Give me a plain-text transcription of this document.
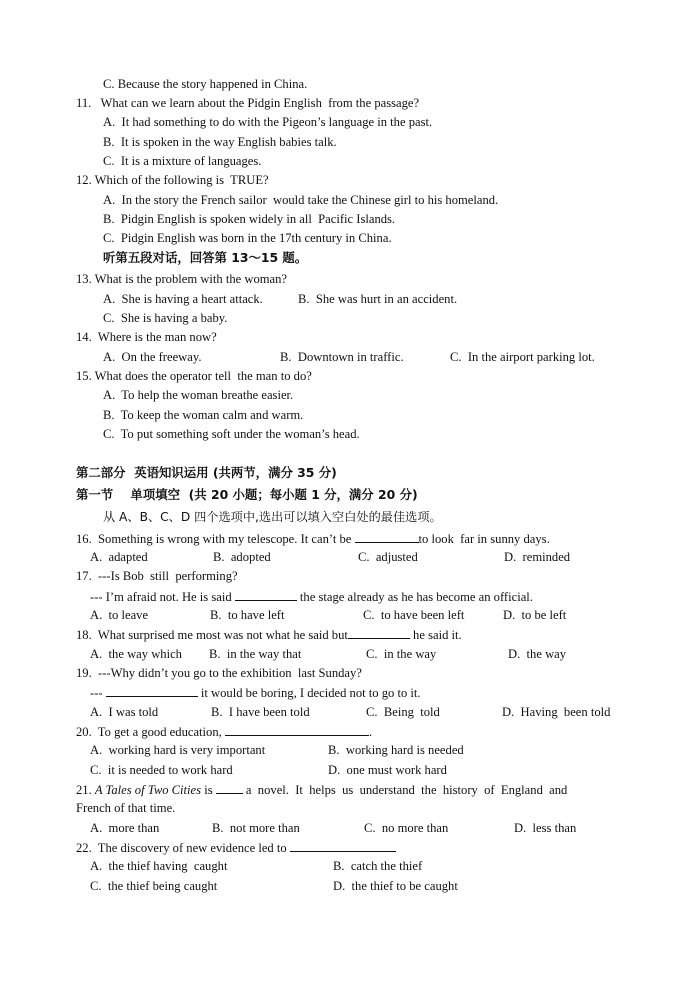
C. Because the story happened in China.
11.   What can we learn about the Pidgin English  from the passage?
A.  It had something to do with the Pigeon’s language in the past.
B.  It is spoken in the way English babies talk.
C.  It is a mixture of languages.
12. Which of the following is  TRUE?
A.  In the story the French sailor  would take the Chinese girl to his homeland.
B.  Pidgin English is spoken widely in all  Pacific Islands.
C.  Pidgin English was born in the 17th century in China.
听第五段对话，回答第 13～15 题。
13. What is the problem with the woman?
A.  She is having a heart attack.	B.  She was hurt in an accident.
C.  She is having a baby.
14.  Where is the man now?
A.  On the freeway.	B.  Downtown in traffic.	C.  In the airport parking lot.
15. What does the operator tell  the man to do?
A.  To help the woman breathe easier.
B.  To keep the woman calm and warm.
C.  To put something soft under the woman’s head.
第二部分  英语知识运用 (共两节，满分 35 分)
第一节    单项填空  (共 20 小题；每小题 1 分，满分 20 分)
从 A、B、C、D 四个选项中,选出可以填入空白处的最佳选项。
16.  Something is wrong with my telescope. It can’t be	to look  far in sunny days.
A.  adapted	B.  adopted	C.  adjusted	D.  reminded
17.  ---Is Bob  still  performing?
--- I’m afraid not. He is said	the stage already as he has become an official.
A.  to leave	B.  to have left	C.  to have been left	D.  to be left
18.  What surprised me most was not what he said but	he said it.
A.  the way which B.  in the way that	C.  in the way	D.  the way
19.  ---Why didn’t you go to the exhibition  last Sunday?
---	it would be boring, I decided not to go to it.
A.  I was told	B.  I have been told	C.  Being  told	D.  Having  been told
20.  To get a good education,	.
A.  working hard is very important	B.  working hard is needed
C.  it is needed to work hard	D.  one must work hard
21. A Tales of Two Cities is  a  novel.  It  helps  us  understand  the  history  of  England  and
French of that time.
A.  more than	B.  not more than	C.  no more than	D.  less than
22.  The discovery of new evidence led to
A.  the thief having  caught	B.  catch the thief
C.  the thief being caught	D.  the thief to be caught
